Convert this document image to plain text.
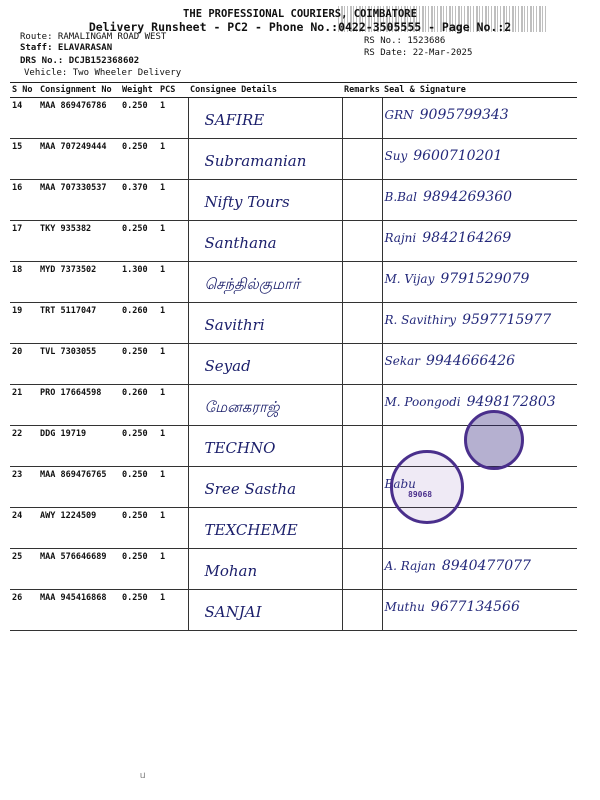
THE PROFESSIONAL COURIERS, COIMBATORE
Delivery Runsheet - PC2 - Phone No.:0422-3505555 - Page No.:2
Route: RAMALINGAM ROAD WEST
Staff: ELAVARASAN
DRS No.: DCJB152368602
Vehicle: Two Wheeler Delivery
RS No.: 1523686
RS Date: 22-Mar-2025
S No	Consignment No	Weight	PCS	Consignee Details	Remarks	Seal & Signature
14	MAA 869476786	0.250	1	SAFIRE		GRN 9095799343

15	MAA 707249444	0.250	1	Subramanian		Suy 9600710201

16	MAA 707330537	0.370	1	Nifty Tours		B.Bal 9894269360

17	TKY 935382	0.250	1	Santhana		Rajni 9842164269

18	MYD 7373502	1.300	1	செந்தில்குமார்		M. Vijay 9791529079

19	TRT 5117047	0.260	1	Savithri		R. Savithiry 9597715977

20	TVL 7303055	0.250	1	Seyad		Sekar 9944666426

21	PRO 17664598	0.260	1	மேனகராஜ்		M. Poongodi 9498172803

22	DDG 19719	0.250	1	TECHNO		

23	MAA 869476765	0.250	1	Sree Sastha		Babu

24	AWY 1224509	0.250	1	TEXCHEME		

25	MAA 576646689	0.250	1	Mohan		A. Rajan 8940477077

26	MAA 945416868	0.250	1	SANJAI		Muthu 9677134566
89068
ᥙ
